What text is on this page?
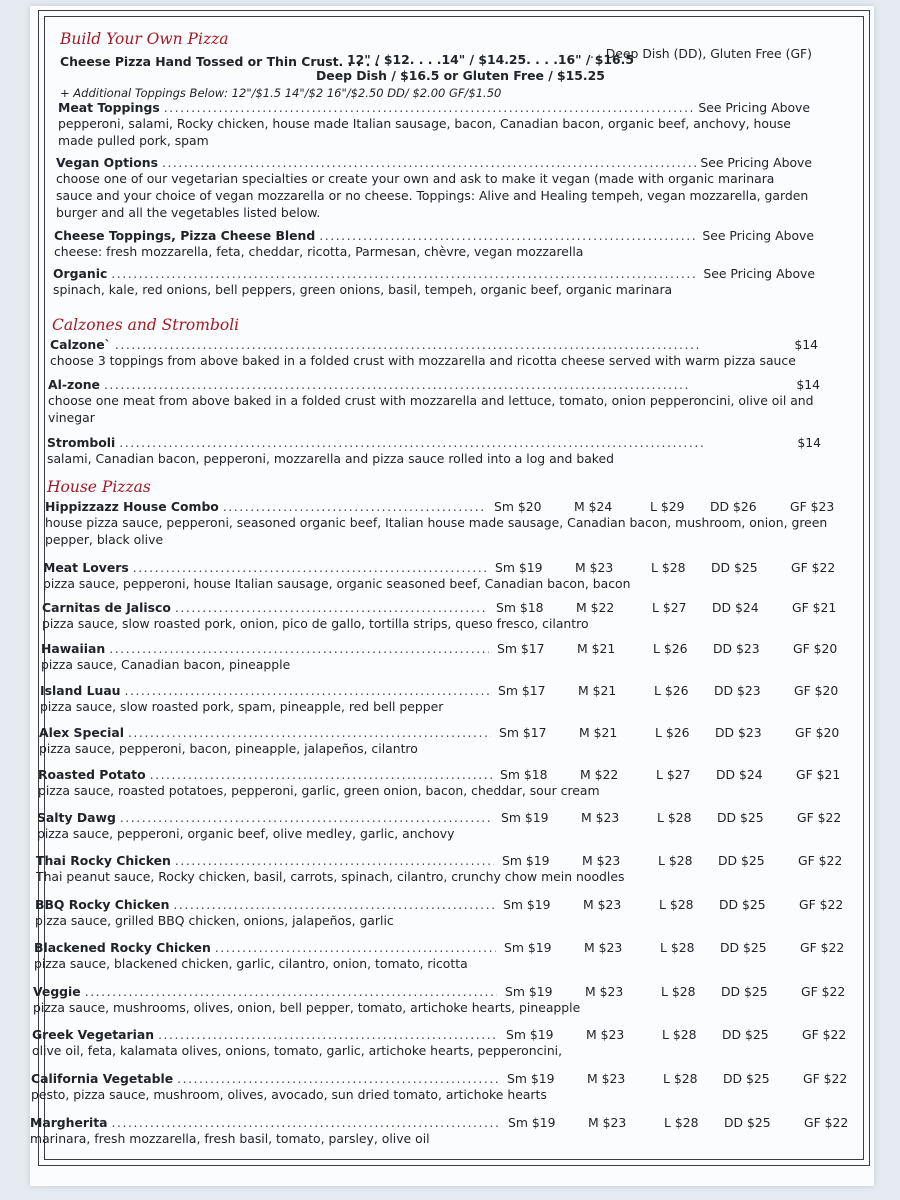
Build Your Own Pizza
Cheese Pizza Hand Tossed or Thin Crust. . . . .
12" / $12. . . .14" / $14.25. . . .16" / $16.5
. . Deep Dish (DD), Gluten Free (GF)
Deep Dish / $16.5 or Gluten Free / $15.25
+ Additional Toppings Below: 12"/$1.5 14"/$2 16"/$2.50 DD/ $2.00 GF/$1.50
Meat Toppings . . .	See Pricing Above
pepperoni, salami, Rocky chicken, house made Italian sausage, bacon, Canadian bacon, organic beef, anchovy, house made pulled pork, spam
Vegan Options . . .	See Pricing Above
choose one of our vegetarian specialties or create your own and ask to make it vegan (made with organic marinara sauce and your choice of vegan mozzarella or no cheese. Toppings: Alive and Healing tempeh, vegan mozzarella, garden burger and all the vegetables listed below.
Cheese Toppings, Pizza Cheese Blend . . .	See Pricing Above
cheese: fresh mozzarella, feta, cheddar, ricotta, Parmesan, chèvre, vegan mozzarella
Organic . . .	See Pricing Above
spinach, kale, red onions, bell peppers, green onions, basil, tempeh, organic beef, organic marinara
Calzones and Stromboli
Calzone` . . .	$14
choose 3 toppings from above baked in a folded crust with mozzarella and ricotta cheese served with warm pizza sauce
Al-zone . . .	$14
choose one meat from above baked in a folded crust with mozzarella and lettuce, tomato, onion pepperoncini, olive oil and vinegar
Stromboli . . .	$14
salami, Canadian bacon, pepperoni, mozzarella and pizza sauce rolled into a log and baked
House Pizzas
Hippizzazz House Combo . . .	Sm $20	M $24	L $29	DD $26	GF $23
house pizza sauce, pepperoni, seasoned organic beef, Italian house made sausage, Canadian bacon, mushroom, onion, green pepper, black olive
Meat Lovers . . .	Sm $19	M $23	L $28	DD $25	GF $22
pizza sauce, pepperoni, house Italian sausage, organic seasoned beef, Canadian bacon, bacon
Carnitas de Jalisco . . .	Sm $18	M $22	L $27	DD $24	GF $21
pizza sauce, slow roasted pork, onion, pico de gallo, tortilla strips, queso fresco, cilantro
Hawaiian . . .	Sm $17	M $21	L $26	DD $23	GF $20
pizza sauce, Canadian bacon, pineapple
Island Luau . . .	Sm $17	M $21	L $26	DD $23	GF $20
pizza sauce, slow roasted pork, spam, pineapple, red bell pepper
Alex Special . . .	Sm $17	M $21	L $26	DD $23	GF $20
pizza sauce, pepperoni, bacon, pineapple, jalapeños, cilantro
Roasted Potato . . .	Sm $18	M $22	L $27	DD $24	GF $21
pizza sauce, roasted potatoes, pepperoni, garlic, green onion, bacon, cheddar, sour cream
Salty Dawg . . .	Sm $19	M $23	L $28	DD $25	GF $22
pizza sauce, pepperoni, organic beef, olive medley, garlic, anchovy
Thai Rocky Chicken . . .	Sm $19	M $23	L $28	DD $25	GF $22
Thai peanut sauce, Rocky chicken, basil, carrots, spinach, cilantro, crunchy chow mein noodles
BBQ Rocky Chicken . . .	Sm $19	M $23	L $28	DD $25	GF $22
pizza sauce, grilled BBQ chicken, onions, jalapeños, garlic
Blackened Rocky Chicken . . .	Sm $19	M $23	L $28	DD $25	GF $22
pizza sauce, blackened chicken, garlic, cilantro, onion, tomato, ricotta
Veggie . . .	Sm $19	M $23	L $28	DD $25	GF $22
pizza sauce, mushrooms, olives, onion, bell pepper, tomato, artichoke hearts, pineapple
Greek Vegetarian . . .	Sm $19	M $23	L $28	DD $25	GF $22
olive oil, feta, kalamata olives, onions, tomato, garlic, artichoke hearts, pepperoncini,
California Vegetable . . .	Sm $19	M $23	L $28	DD $25	GF $22
pesto, pizza sauce, mushroom, olives, avocado, sun dried tomato, artichoke hearts
Margherita . . .	Sm $19	M $23	L $28	DD $25	GF $22
marinara, fresh mozzarella, fresh basil, tomato, parsley, olive oil
